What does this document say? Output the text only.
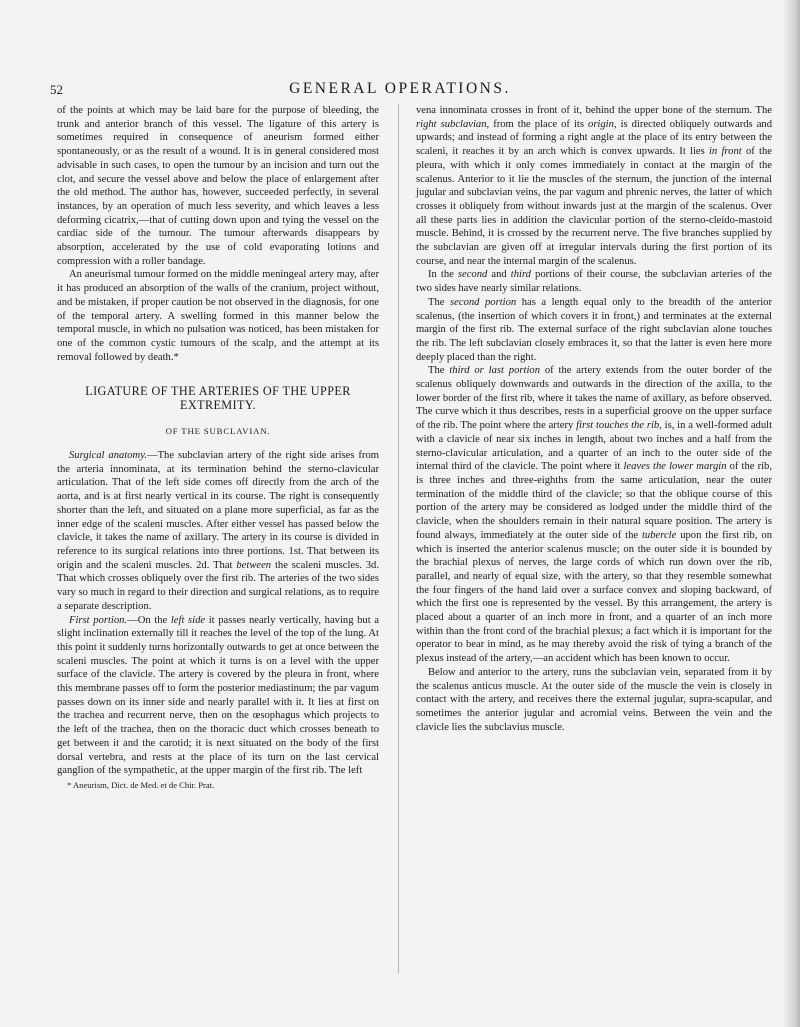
52	GENERAL OPERATIONS.

of the points at which may be laid bare for the purpose of bleeding, the trunk and anterior branch of this vessel. The ligature of this artery is sometimes required in consequence of aneurism formed either spontaneously, or as the result of a wound. It is in general considered most advisable in such cases, to open the tumour by an incision and turn out the clot, and secure the vessel above and below the place of enlargement after the old method. The author has, however, succeeded perfectly, in several instances, by an operation of much less severity, and which leaves a less deforming cicatrix,—that of cutting down upon and tying the vessel on the cardiac side of the tumour. The tumour afterwards disappears by absorption, accelerated by the use of cold evaporating lotions and compression with a roller bandage.

An aneurismal tumour formed on the middle meningeal artery may, after it has produced an absorption of the walls of the cranium, project without, and be mistaken, if proper caution be not observed in the diagnosis, for one of the temporal artery. A swelling formed in this manner below the temporal muscle, in which no pulsation was noticed, has been mistaken for one of the common cystic tumours of the scalp, and the attempt at its removal followed by death.*

LIGATURE OF THE ARTERIES OF THE UPPER EXTREMITY.
OF THE SUBCLAVIAN.

Surgical anatomy.—The subclavian artery of the right side arises from the arteria innominata, at its termination behind the sterno-clavicular articulation. That of the left side comes off directly from the arch of the aorta, and is at first nearly vertical in its course. The right is consequently shorter than the left, and situated on a plane more superficial, as far as the inner edge of the scaleni muscles. After either vessel has passed below the clavicle, it takes the name of axillary. The artery in its course is divided in reference to its surgical relations into three portions. 1st. That between its origin and the scaleni muscles. 2d. That between the scaleni muscles. 3d. That which crosses obliquely over the first rib. The arteries of the two sides vary so much in regard to their direction and surgical relations, as to require a separate description.

First portion.—On the left side it passes nearly vertically, having but a slight inclination externally till it reaches the level of the top of the lung. At this point it suddenly turns horizontally outwards to get at once between the scaleni muscles. The point at which it turns is on a level with the upper surface of the clavicle. The artery is covered by the pleura in front, where this membrane passes off to form the posterior mediastinum; the par vagum passes down on its inner side and nearly parallel with it. It lies at first on the trachea and recurrent nerve, then on the œsophagus which projects to the left of the trachea, then on the thoracic duct which crosses beneath to get between it and the carotid; it is next situated on the body of the first dorsal vertebra, and rests at the place of its turn on the last cervical ganglion of the sympathetic, at the upper margin of the first rib. The left

* Aneurism, Dict. de Med. et de Chir. Prat.

vena innominata crosses in front of it, behind the upper bone of the sternum. The right subclavian, from the place of its origin, is directed obliquely outwards and upwards; and instead of forming a right angle at the place of its entry between the scaleni, it reaches it by an arch which is convex upwards. It lies in front of the pleura, with which it only comes immediately in contact at the margin of the scalenus. Anterior to it lie the muscles of the sternum, the junction of the internal jugular and subclavian veins, the par vagum and phrenic nerves, the latter of which crosses it obliquely from without inwards just at the margin of the scalenus. Over all these parts lies in addition the clavicular portion of the sterno-cleido-mastoid muscle. Behind, it is crossed by the recurrent nerve. The five branches supplied by the subclavian are given off at irregular intervals during the first portion of its course, and near the internal margin of the scalenus.

In the second and third portions of their course, the subclavian arteries of the two sides have nearly similar relations.

The second portion has a length equal only to the breadth of the anterior scalenus, (the insertion of which covers it in front,) and terminates at the external margin of the first rib. The external surface of the right subclavian alone touches the rib. The left subclavian closely embraces it, so that the latter is even here more deeply placed than the right.

The third or last portion of the artery extends from the outer border of the scalenus obliquely downwards and outwards in the direction of the axilla, to the lower border of the first rib, where it takes the name of axillary, as before observed. The curve which it thus describes, rests in a superficial groove on the upper surface of the rib. The point where the artery first touches the rib, is, in a well-formed adult with a clavicle of near six inches in length, about two inches and a half from the sterno-clavicular articulation, and a quarter of an inch to the outer side of the internal third of the clavicle. The point where it leaves the lower margin of the rib, is three inches and three-eighths from the same articulation, near the outer termination of the middle third of the clavicle; so that the oblique course of this portion of the artery may be considered as lodged under the middle third of the clavicle, when the shoulders remain in their natural square position. The artery is found always, immediately at the outer side of the tubercle upon the first rib, on which is inserted the anterior scalenus muscle; on the outer side it is bounded by the brachial plexus of nerves, the large cords of which run down over the rib, parallel, and nearly of equal size, with the artery, so that they resemble somewhat the four fingers of the hand laid over a surface convex and sloping backward, of which the first one is represented by the vessel. By this arrangement, the artery is placed about a quarter of an inch more in front, and a quarter of an inch more within than the front cord of the brachial plexus; a fact which it is important for the operator to bear in mind, as he may thereby avoid the risk of tying a branch of the plexus instead of the artery,—an accident which has been known to occur.

Below and anterior to the artery, runs the subclavian vein, separated from it by the scalenus anticus muscle. At the outer side of the muscle the vein is closely in contact with the artery, and receives there the external jugular, supra-scapular, and sometimes the anterior jugular and acromial veins. Between the vein and the clavicle lies the subclavius muscle.
